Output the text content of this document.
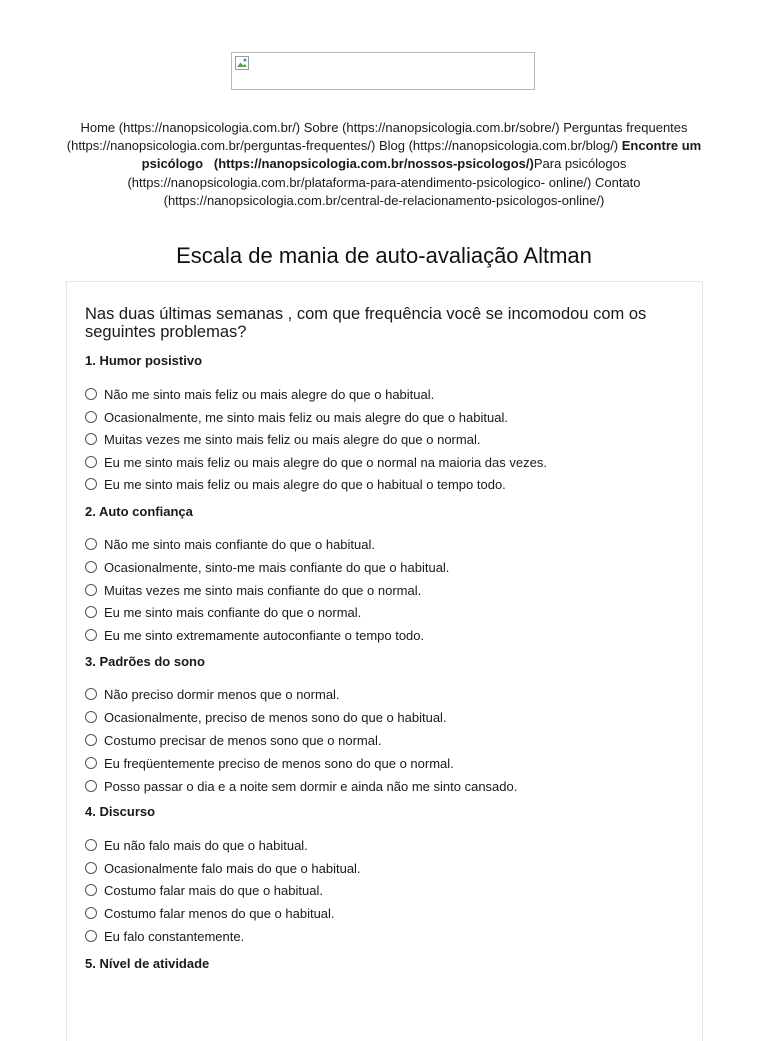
Home (https://nanopsicologia.com.br/) Sobre (https://nanopsicologia.com.br/sobre/) Perguntas frequentes (https://nanopsicologia.com.br/perguntas-frequentes/) Blog (https://nanopsicologia.com.br/blog/) Encontre um psicólogo   (https://nanopsicologia.com.br/nossos-psicologos/)Para psicólogos (https://nanopsicologia.com.br/plataforma-para-atendimento-psicologico- online/) Contato (https://nanopsicologia.com.br/central-de-relacionamento-psicologos-online/)
Escala de mania de auto-avaliação Altman
Nas duas últimas semanas , com que frequência você se incomodou com os seguintes problemas?
1. Humor posistivo
Não me sinto mais feliz ou mais alegre do que o habitual.
Ocasionalmente, me sinto mais feliz ou mais alegre do que o habitual.
Muitas vezes me sinto mais feliz ou mais alegre do que o normal.
Eu me sinto mais feliz ou mais alegre do que o normal na maioria das vezes.
Eu me sinto mais feliz ou mais alegre do que o habitual o tempo todo.
2. Auto confiança
Não me sinto mais confiante do que o habitual.
Ocasionalmente, sinto-me mais confiante do que o habitual.
Muitas vezes me sinto mais confiante do que o normal.
Eu me sinto mais confiante do que o normal.
Eu me sinto extremamente autoconfiante o tempo todo.
3. Padrões do sono
Não preciso dormir menos que o normal.
Ocasionalmente, preciso de menos sono do que o habitual.
Costumo precisar de menos sono que o normal.
Eu freqüentemente preciso de menos sono do que o normal.
Posso passar o dia e a noite sem dormir e ainda não me sinto cansado.
4. Discurso
Eu não falo mais do que o habitual.
Ocasionalmente falo mais do que o habitual.
Costumo falar mais do que o habitual.
Costumo falar menos do que o habitual.
Eu falo constantemente.
5. Nível de atividade
